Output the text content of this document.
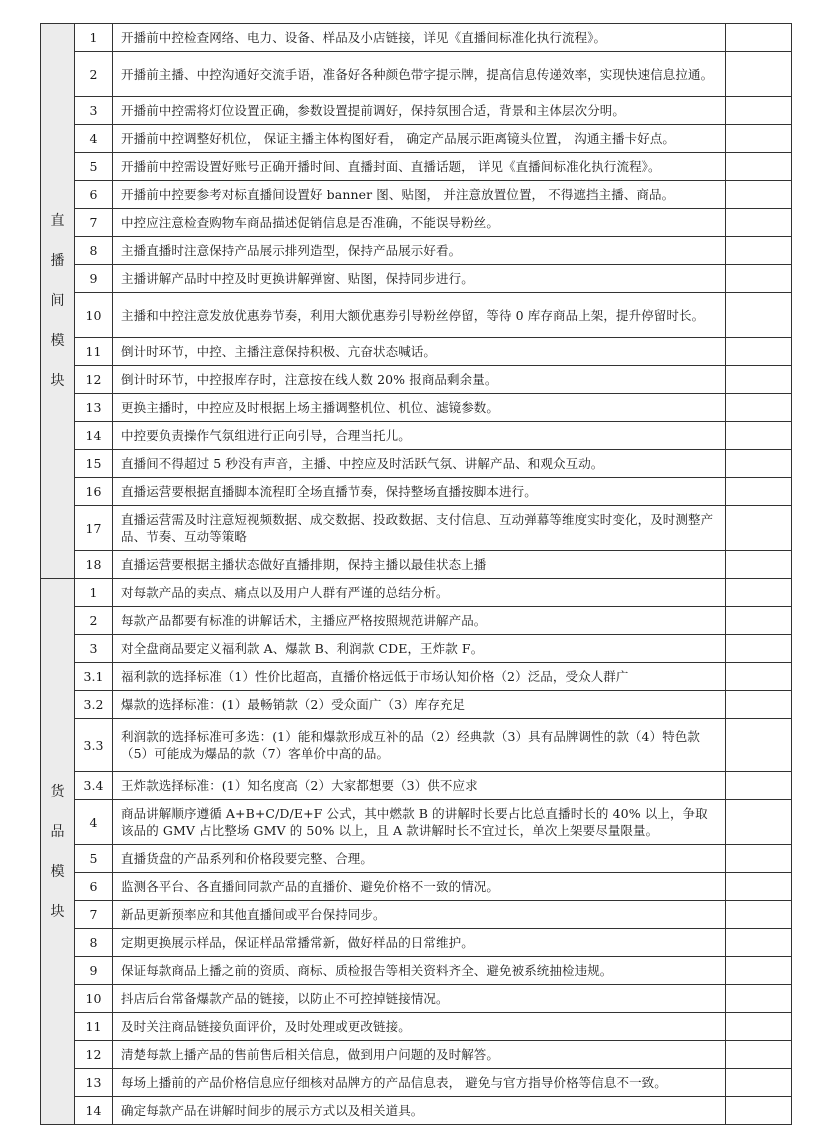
直
播
间
模
块	1	开播前中控检查网络、电力、设备、样品及小店链接，详见《直播间标准化执行流程》。	
	2	开播前主播、中控沟通好交流手语，准备好各种颜色带字提示牌，提高信息传递效率，实现快速信息拉通。	
	3	开播前中控需将灯位设置正确，参数设置提前调好，保持氛围合适，背景和主体层次分明。	
	4	开播前中控调整好机位， 保证主播主体构图好看， 确定产品展示距离镜头位置， 沟通主播卡好点。	
	5	开播前中控需设置好账号正确开播时间、直播封面、直播话题， 详见《直播间标准化执行流程》。	
	6	开播前中控要参考对标直播间设置好 banner 图、贴图， 并注意放置位置， 不得遮挡主播、商品。	
	7	中控应注意检查购物车商品描述促销信息是否准确，不能误导粉丝。	
	8	主播直播时注意保持产品展示排列造型，保持产品展示好看。	
	9	主播讲解产品时中控及时更换讲解弹窗、贴图，保持同步进行。	
	10	主播和中控注意发放优惠券节奏，利用大额优惠券引导粉丝停留，等待 0 库存商品上架，提升停留时长。	
	11	倒计时环节，中控、主播注意保持积极、亢奋状态喊话。	
	12	倒计时环节，中控报库存时，注意按在线人数 20% 报商品剩余量。	
	13	更换主播时，中控应及时根据上场主播调整机位、机位、滤镜参数。	
	14	中控要负责操作气氛组进行正向引导，合理当托儿。	
	15	直播间不得超过 5 秒没有声音，主播、中控应及时活跃气氛、讲解产品、和观众互动。	
	16	直播运营要根据直播脚本流程盯全场直播节奏，保持整场直播按脚本进行。	
	17	直播运营需及时注意短视频数据、成交数据、投政数据、支付信息、互动弹幕等维度实时变化，及时测整产品、节奏、互动等策略	
	18	直播运营要根据主播状态做好直播排期，保持主播以最佳状态上播	

货
品
模
块	1	对每款产品的卖点、痛点以及用户人群有严谨的总结分析。	
	2	每款产品都要有标准的讲解话术，主播应严格按照规范讲解产品。	
	3	对全盘商品要定义福利款 A、爆款 B、利润款 CDE，王炸款 F。	
	3.1	福利款的选择标准（1）性价比超高，直播价格远低于市场认知价格（2）泛品，受众人群广	
	3.2	爆款的选择标准：(1）最畅销款（2）受众面广（3）库存充足	
	3.3	利润款的选择标准可多选：(1）能和爆款形成互补的品（2）经典款（3）具有品牌调性的款（4）特色款
（5）可能成为爆品的款（7）客单价中高的品。	
	3.4	王炸款选择标准：(1）知名度高（2）大家都想要（3）供不应求	
	4	商品讲解顺序遵循 A+B+C/D/E+F 公式，其中燃款 B 的讲解时长要占比总直播时长的 40% 以上，争取该品的 GMV 占比整场 GMV 的 50% 以上，且 A 款讲解时长不宜过长，单次上架要尽量限量。	
	5	直播货盘的产品系列和价格段要完整、合理。	
	6	监测各平台、各直播间同款产品的直播价、避免价格不一致的情况。	
	7	新品更新预率应和其他直播间或平台保持同步。	
	8	定期更换展示样品，保证样品常播常新，做好样品的日常维护。	
	9	保证每款商品上播之前的资质、商标、质检报告等相关资料齐全、避免被系统抽检违规。	
	10	抖店后台常备爆款产品的链接，以防止不可控掉链接情况。	
	11	及时关注商品链接负面评价，及时处理或更改链接。	
	12	清楚每款上播产品的售前售后相关信息，做到用户问题的及时解答。	
	13	每场上播前的产品价格信息应仔细核对品牌方的产品信息表， 避免与官方指导价格等信息不一致。	
	14	确定每款产品在讲解时间步的展示方式以及相关道具。	
